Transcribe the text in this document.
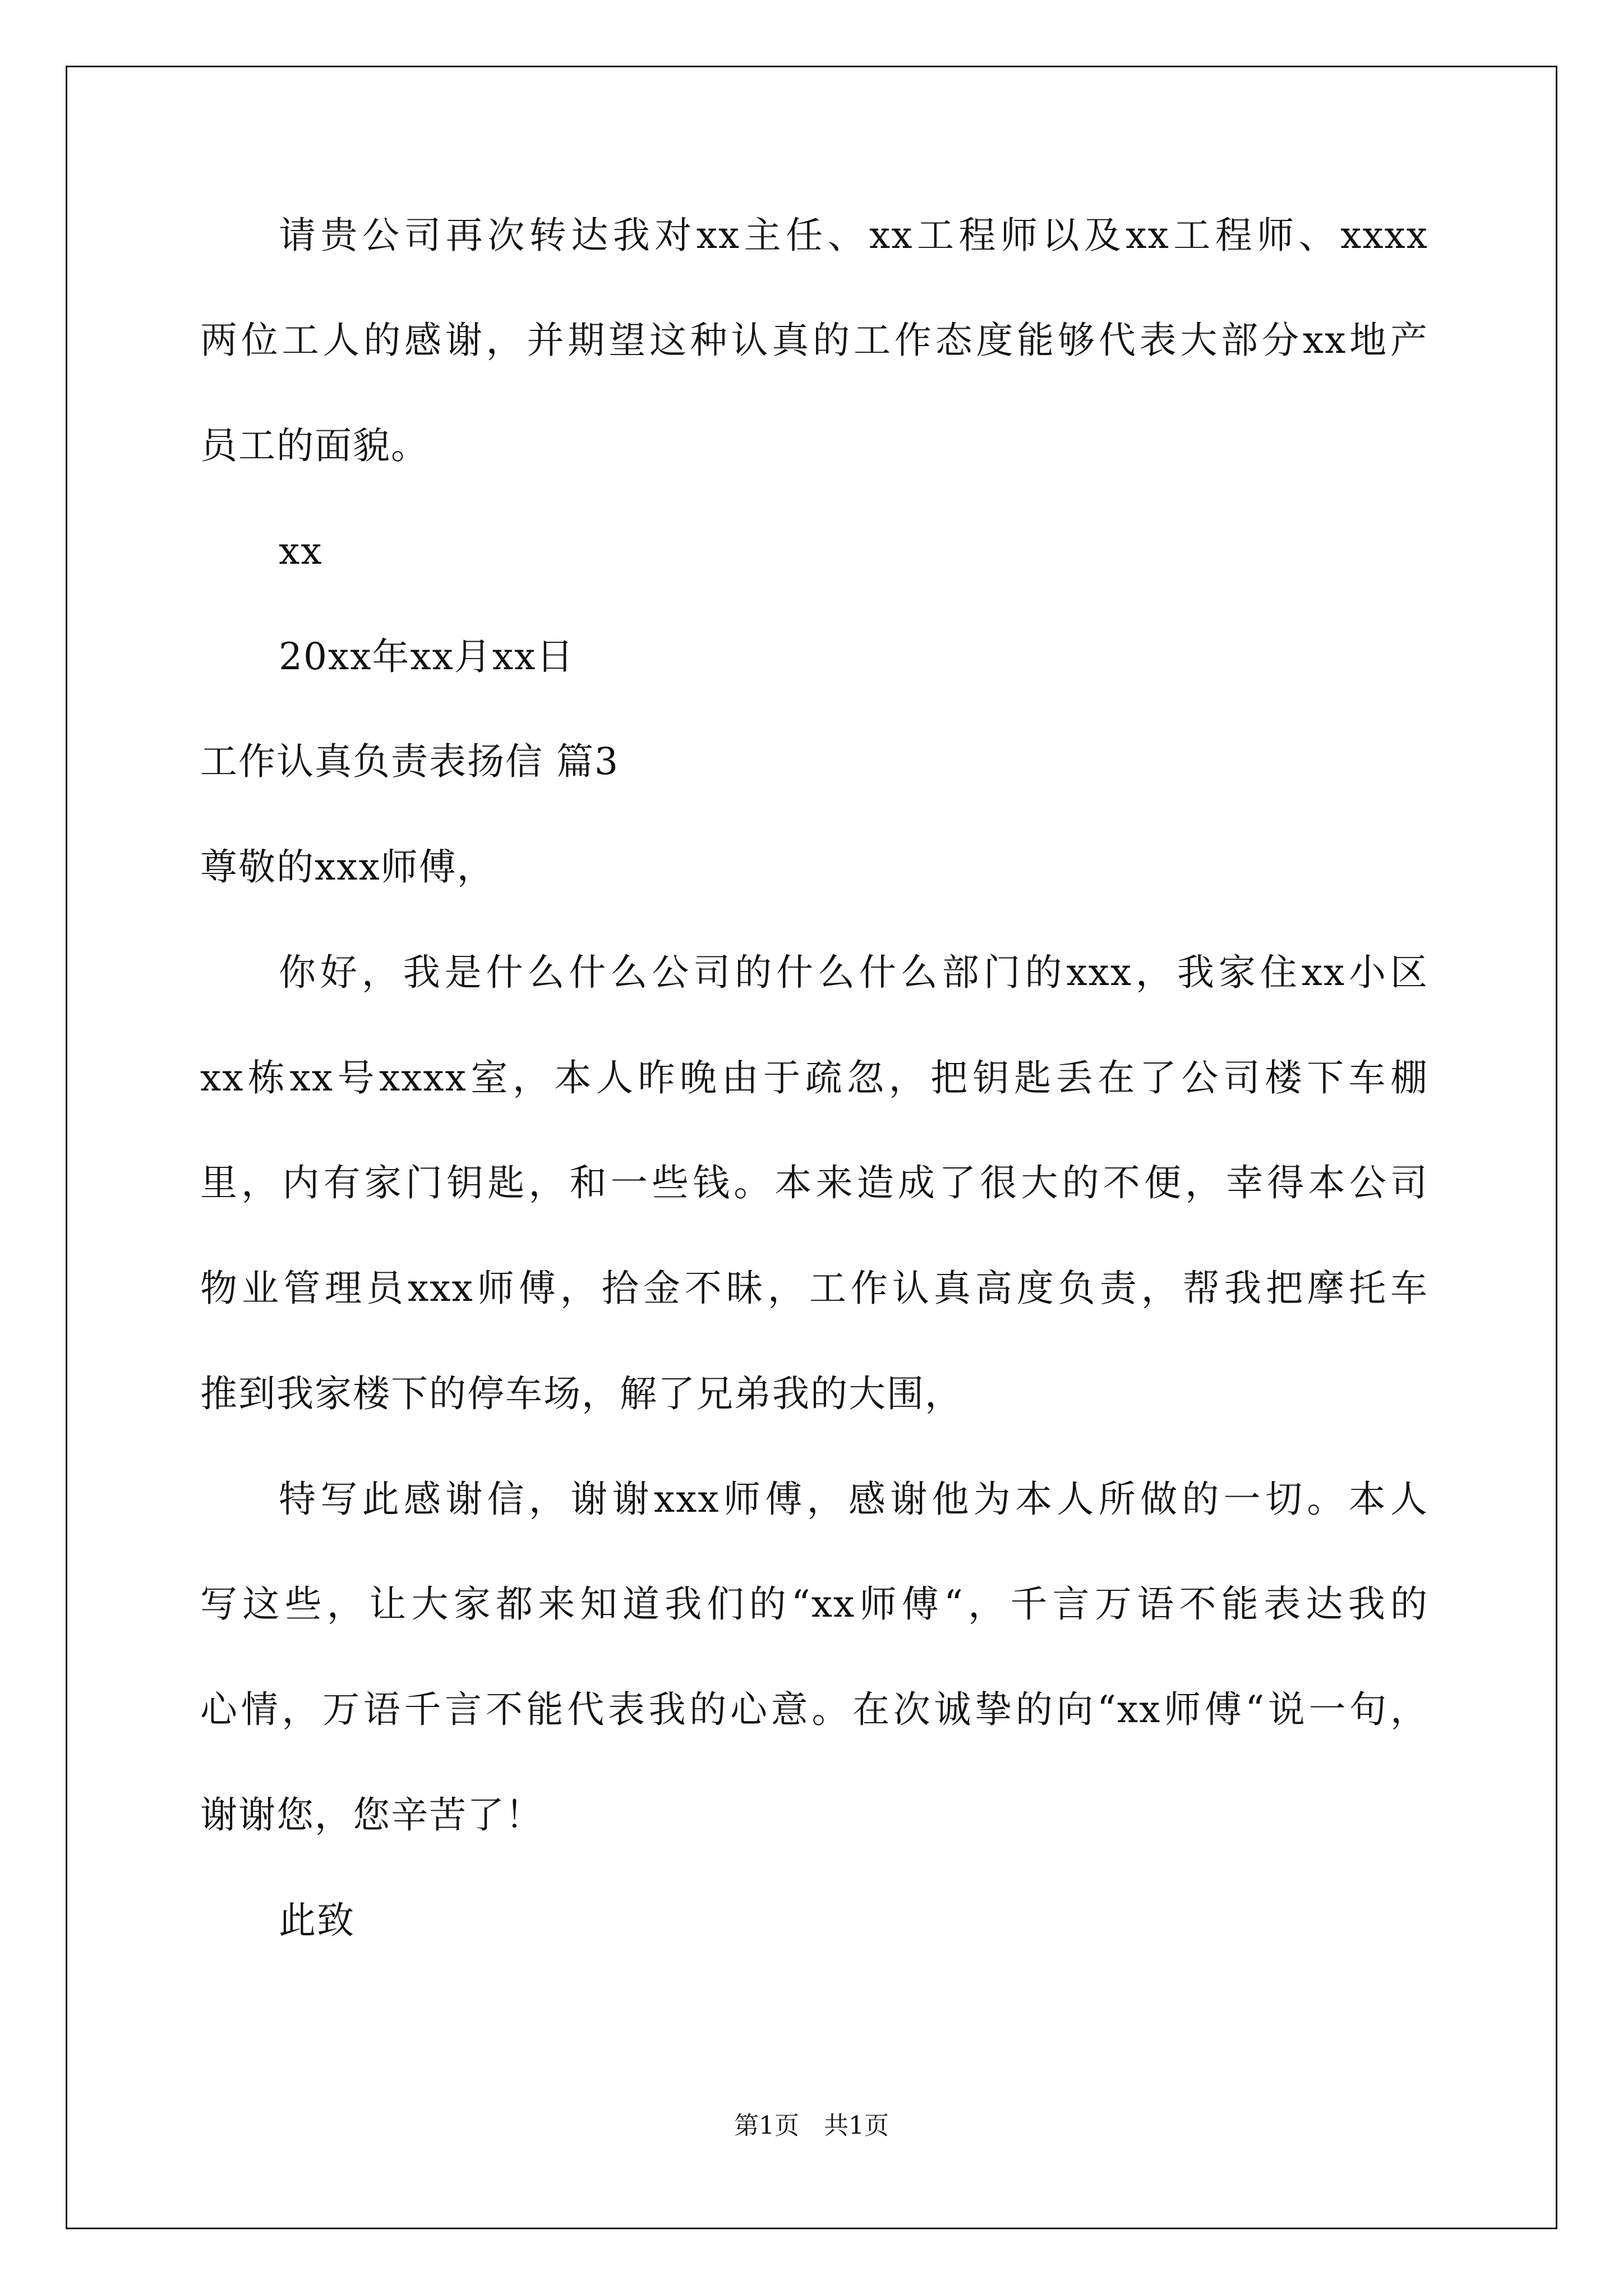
请贵公司再次转达我对xx主任、xx工程师以及xx工程师、xxxx
两位工人的感谢，并期望这种认真的工作态度能够代表大部分xx地产
员工的面貌。
xx
20xx年xx月xx日
工作认真负责表扬信 篇3
尊敬的xxx师傅，
你好，我是什么什么公司的什么什么部门的xxx，我家住xx小区
xx栋xx号xxxx室，本人昨晚由于疏忽，把钥匙丢在了公司楼下车棚
里，内有家门钥匙，和一些钱。本来造成了很大的不便，幸得本公司
物业管理员xxx师傅，拾金不昧，工作认真高度负责，帮我把摩托车
推到我家楼下的停车场，解了兄弟我的大围，
特写此感谢信，谢谢xxx师傅，感谢他为本人所做的一切。本人
写这些，让大家都来知道我们的“xx师傅“，千言万语不能表达我的
心情，万语千言不能代表我的心意。在次诚挚的向“xx师傅“说一句，
谢谢您，您辛苦了！
此致
第1页　共1页
